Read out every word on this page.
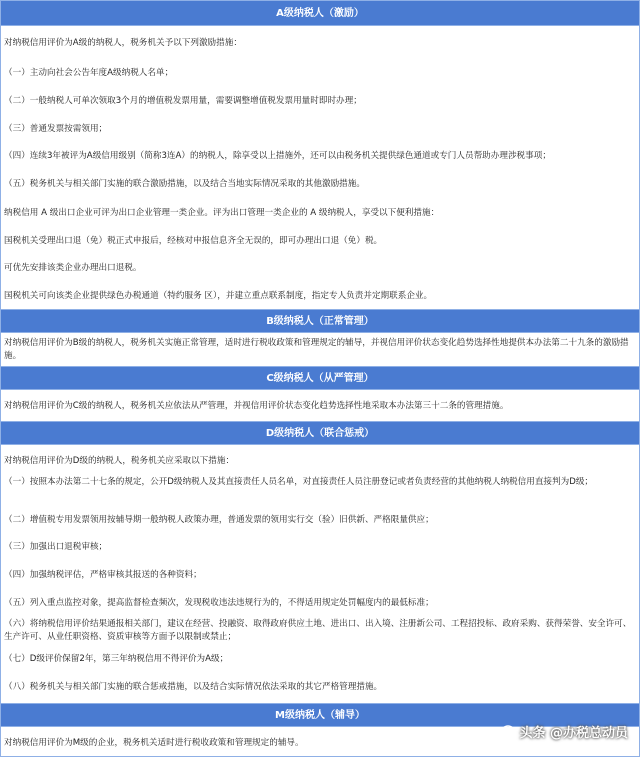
A级纳税人（激励）
对纳税信用评价为A级的纳税人，税务机关予以下列激励措施：
（一）主动向社会公告年度A级纳税人名单；
（二）一般纳税人可单次领取3个月的增值税发票用量，需要调整增值税发票用量时即时办理；
（三）普通发票按需领用；
（四）连续3年被评为A级信用级别（简称3连A）的纳税人，除享受以上措施外，还可以由税务机关提供绿色通道或专门人员帮助办理涉税事项；
（五）税务机关与相关部门实施的联合激励措施，以及结合当地实际情况采取的其他激励措施。
纳税信用 A 级出口企业可评为出口企业管理一类企业。评为出口管理一类企业的 A 级纳税人，享受以下便利措施：
国税机关受理出口退（免）税正式申报后，经核对申报信息齐全无误的，即可办理出口退（免）税。
可优先安排该类企业办理出口退税。
国税机关可向该类企业提供绿色办税通道（特约服务 区），并建立重点联系制度，指定专人负责并定期联系企业。
B级纳税人（正常管理）
对纳税信用评价为B级的纳税人，税务机关实施正常管理，适时进行税收政策和管理规定的辅导，并视信用评价状态变化趋势选择性地提供本办法第二十九条的激励措施。
C级纳税人（从严管理）
对纳税信用评价为C级的纳税人，税务机关应依法从严管理，并视信用评价状态变化趋势选择性地采取本办法第三十二条的管理措施。
D级纳税人（联合惩戒）
对纳税信用评价为D级的纳税人，税务机关应采取以下措施：
（一）按照本办法第二十七条的规定，公开D级纳税人及其直接责任人员名单，对直接责任人员注册登记或者负责经营的其他纳税人纳税信用直接判为D级；
（二）增值税专用发票领用按辅导期一般纳税人政策办理，普通发票的领用实行交（验）旧供新、严格限量供应；
（三）加强出口退税审核；
（四）加强纳税评估，严格审核其报送的各种资料；
（五）列入重点监控对象，提高监督检查频次，发现税收违法违规行为的，不得适用规定处罚幅度内的最低标准；
（六）将纳税信用评价结果通报相关部门，建议在经营、投融资、取得政府供应土地、进出口、出入境、注册新公司、工程招投标、政府采购、获得荣誉、安全许可、生产许可、从业任职资格、资质审核等方面予以限制或禁止；
（七）D级评价保留2年，第三年纳税信用不得评价为A级；
（八）税务机关与相关部门实施的联合惩戒措施，以及结合实际情况依法采取的其它严格管理措施。
M级纳税人（辅导）
对纳税信用评价为M级的企业，税务机关适时进行税收政策和管理规定的辅导。
头条 @办税总动员
